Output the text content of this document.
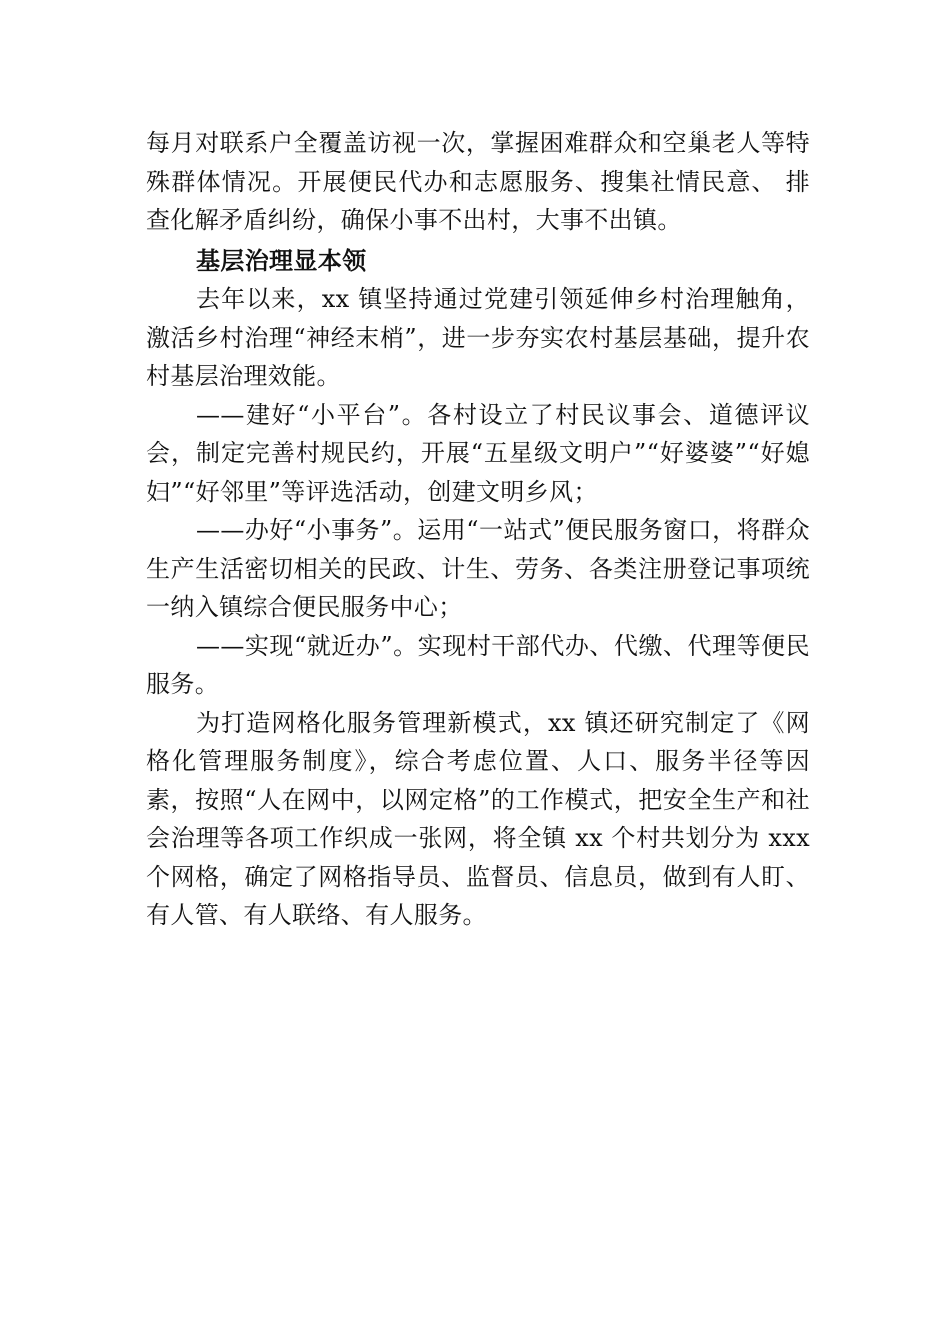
每月对联系户全覆盖访视一次，掌握困难群众和空巢老人等特殊群体情况。开展便民代办和志愿服务、搜集社情民意、 排查化解矛盾纠纷，确保小事不出村，大事不出镇。

基层治理显本领

去年以来，xx 镇坚持通过党建引领延伸乡村治理触角，激活乡村治理“神经末梢”，进一步夯实农村基层基础，提升农村基层治理效能。

——建好“小平台”。各村设立了村民议事会、道德评议会，制定完善村规民约，开展“五星级文明户”“好婆婆”“好媳妇”“好邻里”等评选活动，创建文明乡风；

——办好“小事务”。运用“一站式”便民服务窗口，将群众生产生活密切相关的民政、计生、劳务、各类注册登记事项统一纳入镇综合便民服务中心；

——实现“就近办”。实现村干部代办、代缴、代理等便民服务。

为打造网格化服务管理新模式，xx 镇还研究制定了《网格化管理服务制度》，综合考虑位置、人口、服务半径等因素，按照“人在网中，以网定格”的工作模式，把安全生产和社会治理等各项工作织成一张网，将全镇 xx 个村共划分为 xxx 个网格，确定了网格指导员、监督员、信息员，做到有人盯、有人管、有人联络、有人服务。
